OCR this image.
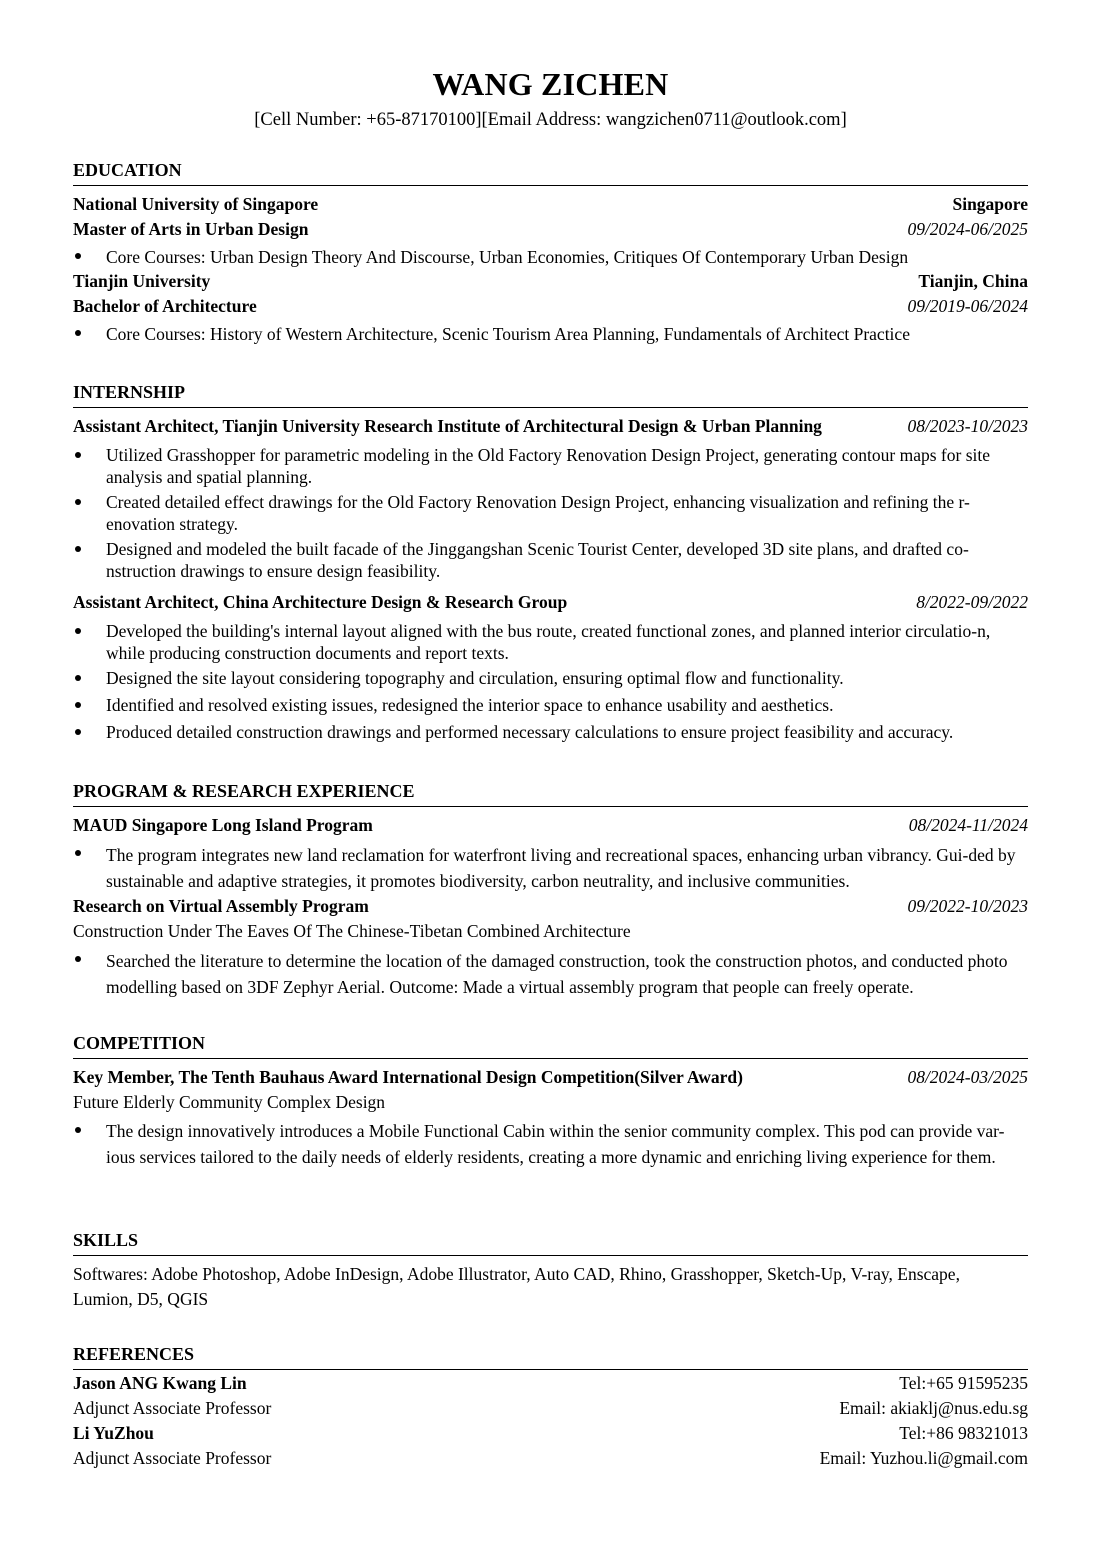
WANG ZICHEN
[Cell Number: +65-87170100][Email Address: wangzichen0711@outlook.com]
EDUCATION
National University of Singapore	Singapore
Master of Arts in Urban Design	09/2024-06/2025
Core Courses: Urban Design Theory And Discourse, Urban Economies, Critiques Of Contemporary Urban Design
Tianjin University	Tianjin, China
Bachelor of Architecture	09/2019-06/2024
Core Courses: History of Western Architecture, Scenic Tourism Area Planning, Fundamentals of Architect Practice
INTERNSHIP
Assistant Architect, Tianjin University Research Institute of Architectural Design & Urban Planning	08/2023-10/2023
Utilized Grasshopper for parametric modeling in the Old Factory Renovation Design Project, generating contour maps for site analysis and spatial planning.
Created detailed effect drawings for the Old Factory Renovation Design Project, enhancing visualization and refining the r-enovation strategy.
Designed and modeled the built facade of the Jinggangshan Scenic Tourist Center, developed 3D site plans, and drafted co-nstruction drawings to ensure design feasibility.
Assistant Architect, China Architecture Design & Research Group	8/2022-09/2022
Developed the building's internal layout aligned with the bus route, created functional zones, and planned interior circulatio-n, while producing construction documents and report texts.
Designed the site layout considering topography and circulation, ensuring optimal flow and functionality.
Identified and resolved existing issues, redesigned the interior space to enhance usability and aesthetics.
Produced detailed construction drawings and performed necessary calculations to ensure project feasibility and accuracy.
PROGRAM & RESEARCH EXPERIENCE
MAUD Singapore Long Island Program	08/2024-11/2024
The program integrates new land reclamation for waterfront living and recreational spaces, enhancing urban vibrancy. Gui-ded by sustainable and adaptive strategies, it promotes biodiversity, carbon neutrality, and inclusive communities.
Research on Virtual Assembly Program	09/2022-10/2023
Construction Under The Eaves Of The Chinese-Tibetan Combined Architecture
Searched the literature to determine the location of the damaged construction, took the construction photos, and conducted photo modelling based on 3DF Zephyr Aerial. Outcome: Made a virtual assembly program that people can freely operate.
COMPETITION
Key Member, The Tenth Bauhaus Award International Design Competition(Silver Award)	08/2024-03/2025
Future Elderly Community Complex Design
The design innovatively introduces a Mobile Functional Cabin within the senior community complex. This pod can provide var-ious services tailored to the daily needs of elderly residents, creating a more dynamic and enriching living experience for them.
SKILLS
Softwares: Adobe Photoshop, Adobe InDesign, Adobe Illustrator, Auto CAD, Rhino, Grasshopper, Sketch-Up, V-ray, Enscape, Lumion, D5, QGIS
REFERENCES
Jason ANG Kwang Lin	Tel:+65 91595235
Adjunct Associate Professor	Email: akiaklj@nus.edu.sg
Li YuZhou	Tel:+86 98321013
Adjunct Associate Professor	Email: Yuzhou.li@gmail.com
